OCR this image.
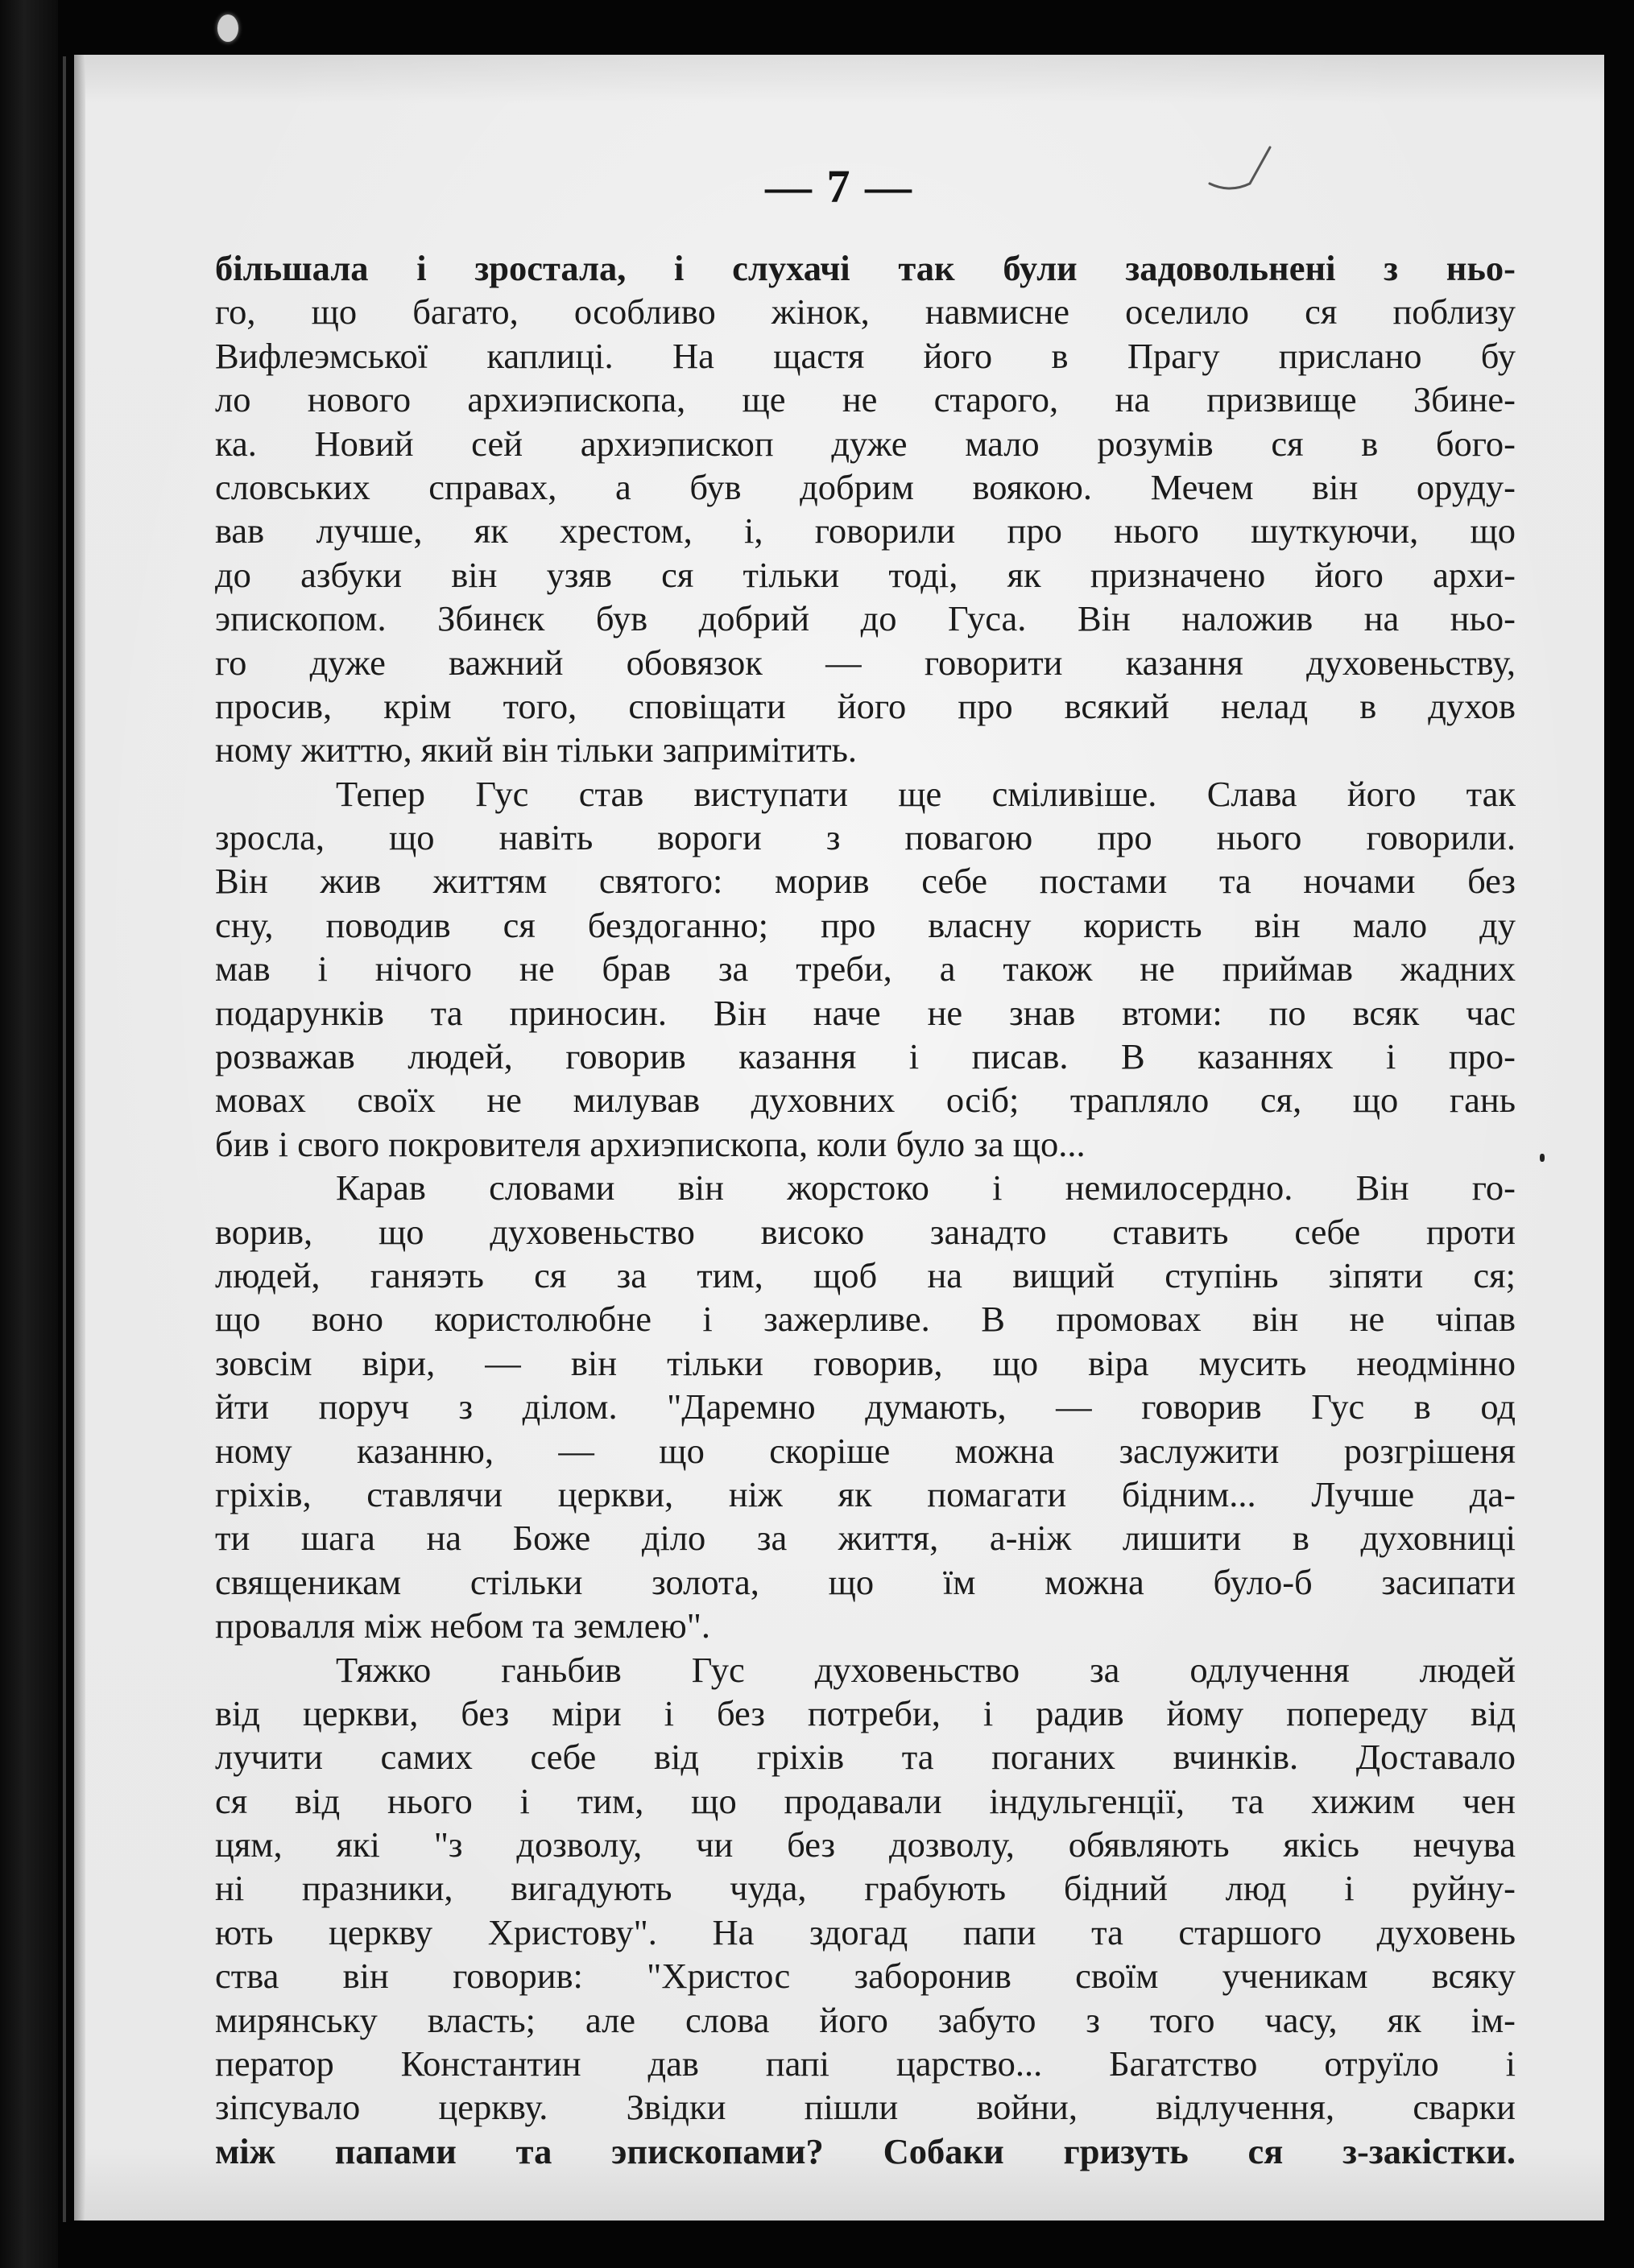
— 7 —
більшала і зростала, і слухачі так були задовольнені з ньо-
го, що багато, особливо жінок, навмисне оселило ся поблизу
Вифлеэмської каплиці. На щастя його в Прагу прислано бу
ло нового архиэпископа, ще не старого, на призвище Збине-
ка. Новий сей архиэпископ дуже мало розумів ся в бого-
словських справах, а був добрим воякою. Мечем він оруду-
вав лучше, як хрестом, і, говорили про нього шуткуючи, що
до азбуки він узяв ся тільки тоді, як призначено його архи-
эпископом. Збинєк був добрий до Гуса. Він наложив на ньо-
го дуже важний обовязок — говорити казання духовеньству,
просив, крім того, сповіщати його про всякий нелад в духов
ному життю, який він тільки запримітить.
Тепер Гус став виступати ще сміливіше. Слава його так
зросла, що навіть вороги з повагою про нього говорили.
Він жив життям святого: морив себе постами та ночами без
сну, поводив ся бездоганно; про власну користь він мало ду
мав і нічого не брав за треби, а також не приймав жадних
подарунків та приносин. Він наче не знав втоми: по всяк час
розважав людей, говорив казання і писав. В казаннях і про-
мовах своїх не милував духовних осіб; трапляло ся, що гань
бив і свого покровителя архиэпископа, коли було за що...
Карав словами він жорстоко і немилосердно. Він го-
ворив, що духовеньство високо занадто ставить себе проти
людей, ганяэть ся за тим, щоб на вищий ступінь зіпяти ся;
що воно користолюбне і зажерливе. В промовах він не чіпав
зовсім віри, — він тільки говорив, що віра мусить неодмінно
йти поруч з ділом. "Даремно думають, — говорив Гус в од
ному казанню, — що скоріше можна заслужити розгрішеня
гріхів, ставлячи церкви, ніж як помагати бідним... Лучше да-
ти шага на Боже діло за життя, а-ніж лишити в духовниці
священикам стільки золота, що їм можна було-б засипати
провалля між небом та землею".
Тяжко ганьбив Гус духовеньство за одлучення людей
від церкви, без міри і без потреби, і радив йому попереду від
лучити самих себе від гріхів та поганих вчинків. Доставало
ся від нього і тим, що продавали індульгенції, та хижим чен
цям, які "з дозволу, чи без дозволу, обявляють якісь нечува
ні празники, вигадують чуда, грабують бідний люд і руйну-
ють церкву Христову". На здогад папи та старшого духовень
ства він говорив: "Христос заборонив своїм ученикам всяку
мирянську власть; але слова його забуто з того часу, як ім-
ператор Константин дав папі царство... Багатство отруїло і
зіпсувало церкву. Звідки пішли войни, відлучення, сварки
між папами та эпископами? Собаки гризуть ся з-закістки.
